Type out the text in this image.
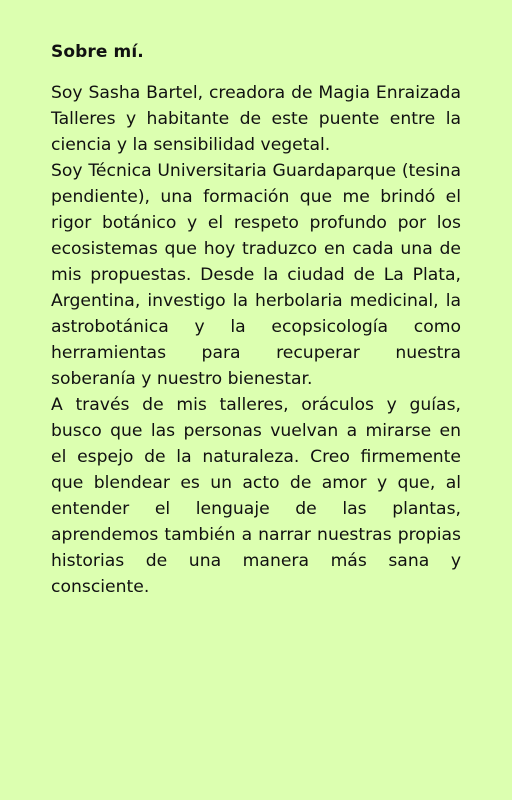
Sobre mí.

Soy Sasha Bartel, creadora de Magia Enraizada Talleres y habitante de este puente entre la ciencia y la sensibilidad vegetal.

Soy Técnica Universitaria Guardaparque (tesina pendiente), una formación que me brindó el rigor botánico y el respeto profundo por los ecosistemas que hoy traduzco en cada una de mis propuestas. Desde la ciudad de La Plata, Argentina, investigo la herbolaria medicinal, la astrobotánica y la ecopsicología como herramientas para recuperar nuestra soberanía y nuestro bienestar.

A través de mis talleres, oráculos y guías, busco que las personas vuelvan a mirarse en el espejo de la naturaleza. Creo firmemente que blendear es un acto de amor y que, al entender el lenguaje de las plantas, aprendemos también a narrar nuestras propias historias de una manera más sana y consciente.
